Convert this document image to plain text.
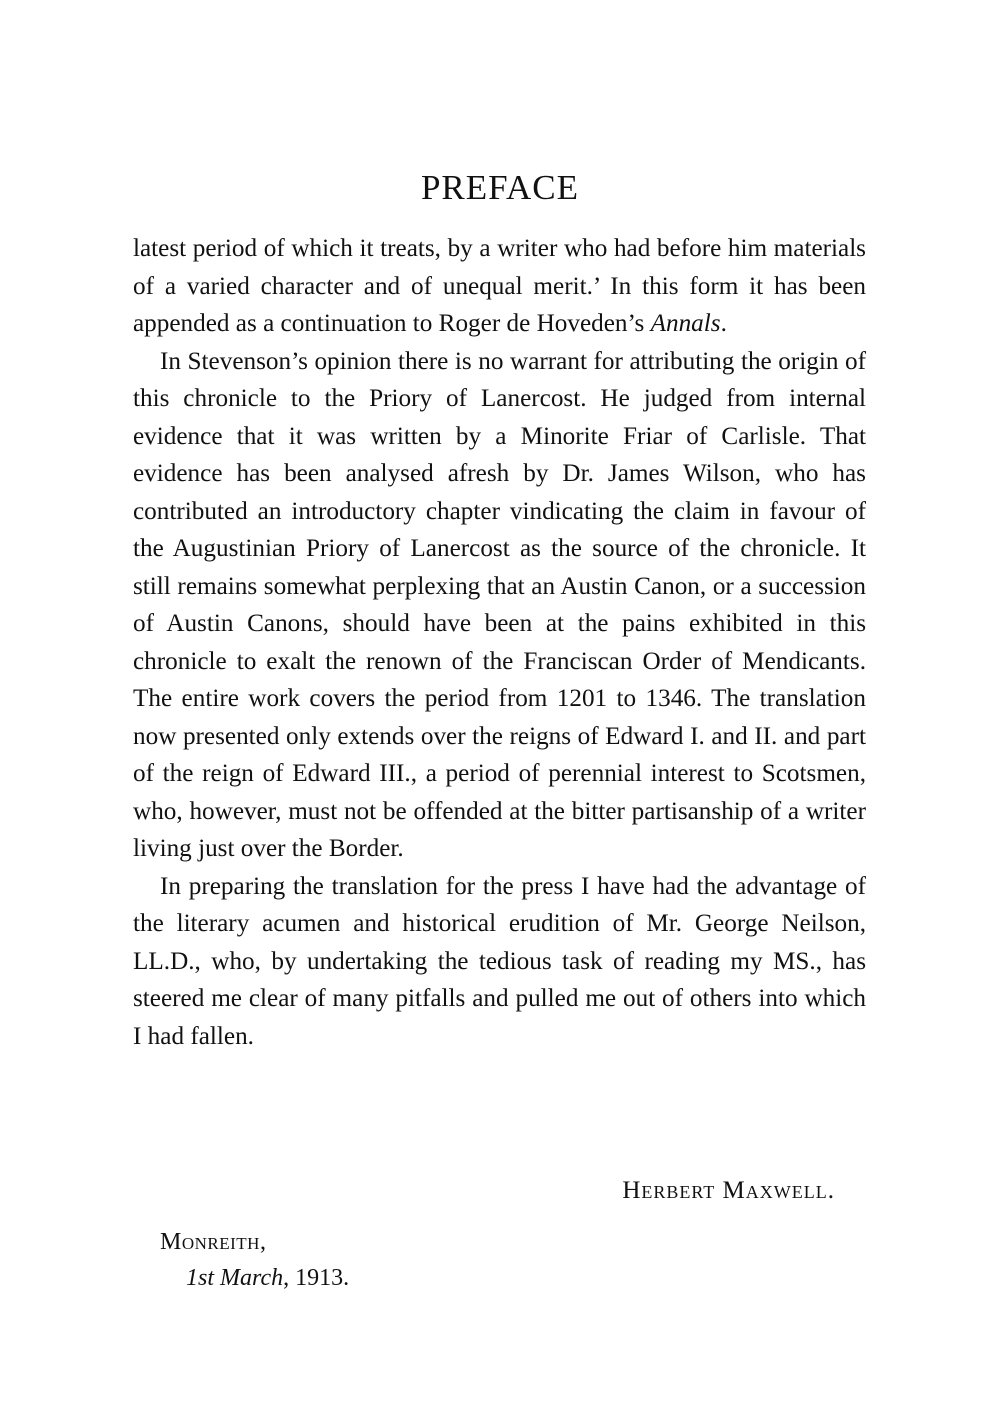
PREFACE

latest period of which it treats, by a writer who had before him materials of a varied character and of unequal merit.’ In this form it has been appended as a continuation to Roger de Hoveden’s Annals.

In Stevenson’s opinion there is no warrant for attributing the origin of this chronicle to the Priory of Lanercost. He judged from internal evidence that it was written by a Minorite Friar of Carlisle. That evidence has been analysed afresh by Dr. James Wilson, who has contributed an introductory chapter vindicating the claim in favour of the Augustinian Priory of Lanercost as the source of the chronicle. It still remains somewhat perplexing that an Austin Canon, or a succession of Austin Canons, should have been at the pains exhibited in this chronicle to exalt the renown of the Franciscan Order of Mendicants. The entire work covers the period from 1201 to 1346. The translation now presented only extends over the reigns of Edward I. and II. and part of the reign of Edward III., a period of perennial interest to Scotsmen, who, however, must not be offended at the bitter partisanship of a writer living just over the Border.

In preparing the translation for the press I have had the advantage of the literary acumen and historical erudition of Mr. George Neilson, LL.D., who, by undertaking the tedious task of reading my MS., has steered me clear of many pitfalls and pulled me out of others into which I had fallen.

Herbert Maxwell.
Monreith,
1st March, 1913.
